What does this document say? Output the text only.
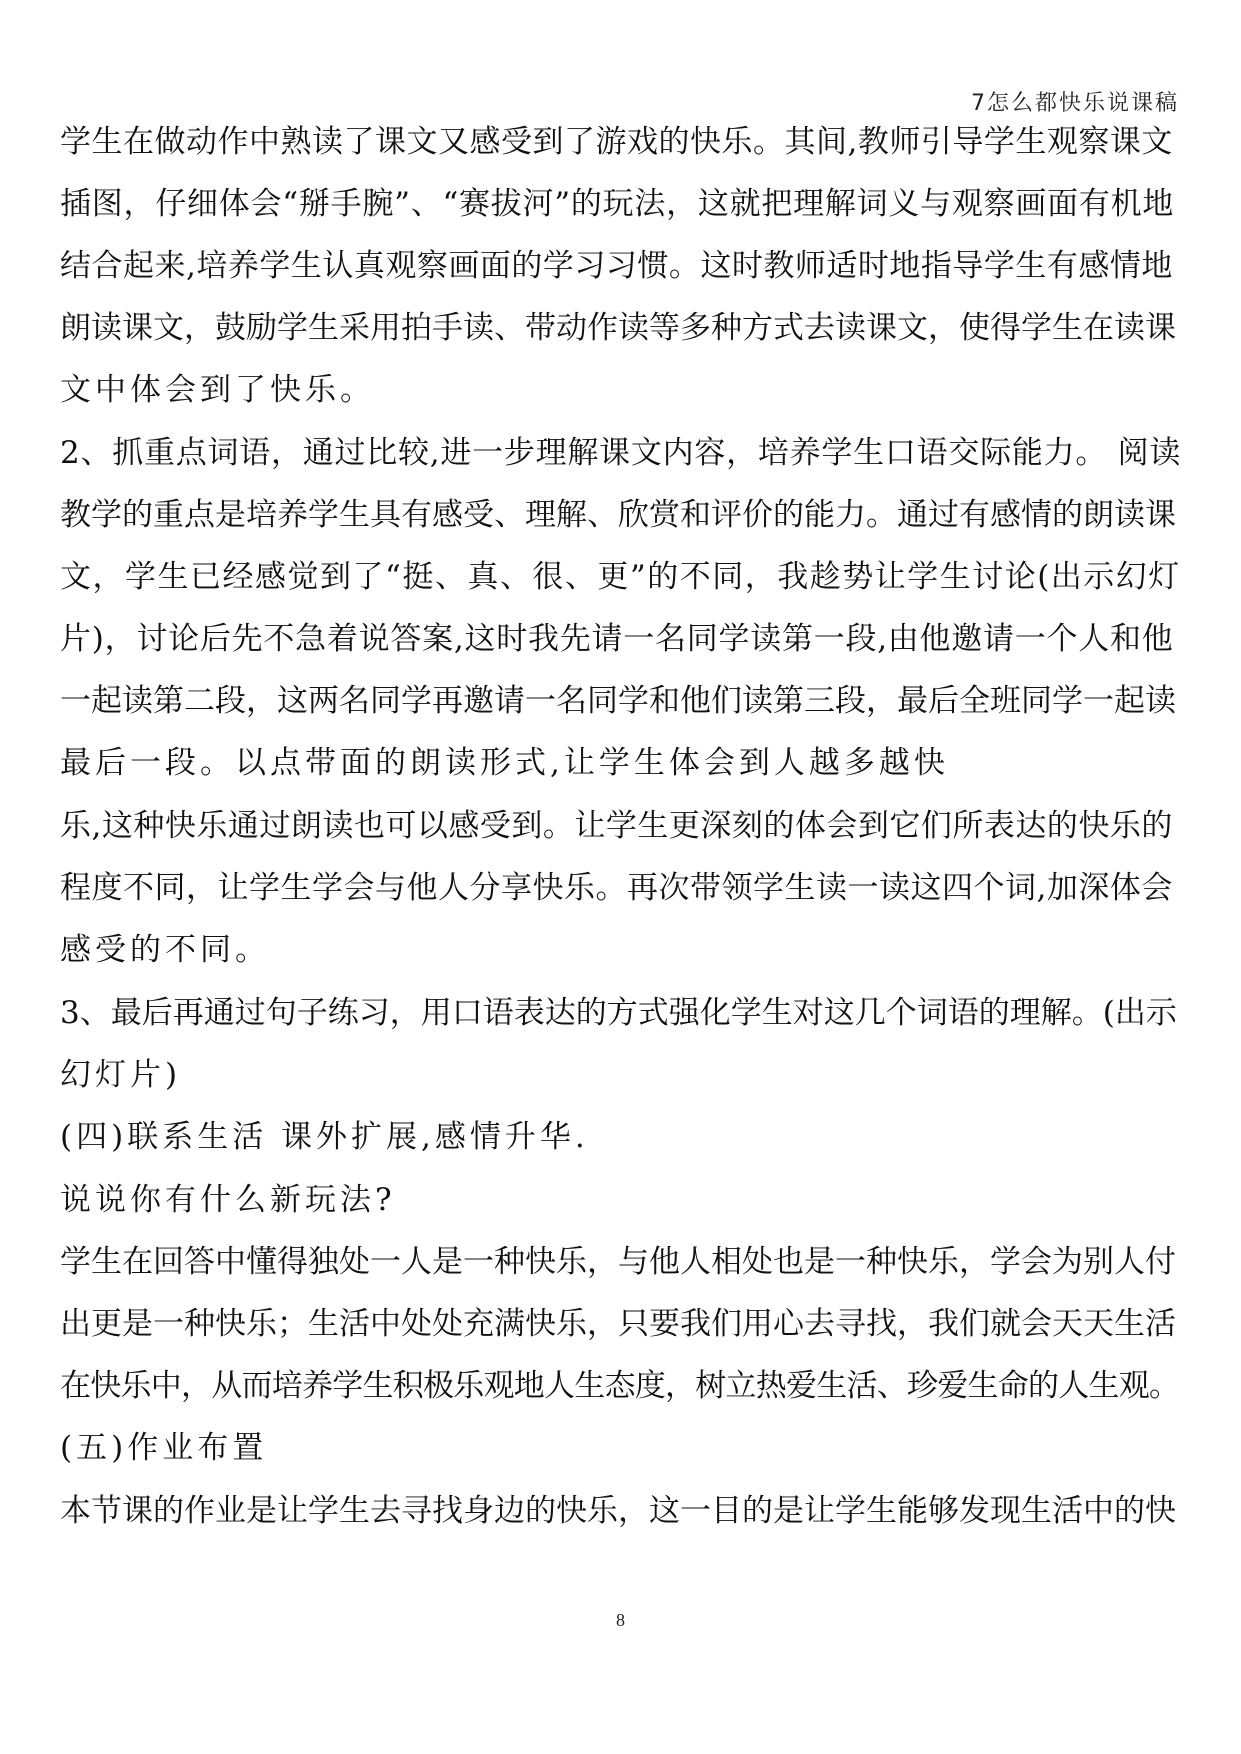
7怎么都快乐说课稿
学生在做动作中熟读了课文又感受到了游戏的快乐。其间,教师引导学生观察课文
插图，仔细体会“掰手腕”、“赛拔河”的玩法，这就把理解词义与观察画面有机地
结合起来,培养学生认真观察画面的学习习惯。这时教师适时地指导学生有感情地
朗读课文，鼓励学生采用拍手读、带动作读等多种方式去读课文，使得学生在读课
文中体会到了快乐。
2、抓重点词语，通过比较,进一步理解课文内容，培养学生口语交际能力。 阅读
教学的重点是培养学生具有感受、理解、欣赏和评价的能力。通过有感情的朗读课
文，学生已经感觉到了“挺、真、很、更”的不同，我趁势让学生讨论(出示幻灯
片)，讨论后先不急着说答案,这时我先请一名同学读第一段,由他邀请一个人和他
一起读第二段，这两名同学再邀请一名同学和他们读第三段，最后全班同学一起读
最后一段。以点带面的朗读形式,让学生体会到人越多越快
乐,这种快乐通过朗读也可以感受到。让学生更深刻的体会到它们所表达的快乐的
程度不同，让学生学会与他人分享快乐。再次带领学生读一读这四个词,加深体会
感受的不同。
3、最后再通过句子练习，用口语表达的方式强化学生对这几个词语的理解。(出示
幻灯片)
(四)联系生活 课外扩展,感情升华.
说说你有什么新玩法?
学生在回答中懂得独处一人是一种快乐，与他人相处也是一种快乐，学会为别人付
出更是一种快乐；生活中处处充满快乐，只要我们用心去寻找，我们就会天天生活
在快乐中，从而培养学生积极乐观地人生态度，树立热爱生活、珍爱生命的人生观。
(五)作业布置
本节课的作业是让学生去寻找身边的快乐，这一目的是让学生能够发现生活中的快
8
